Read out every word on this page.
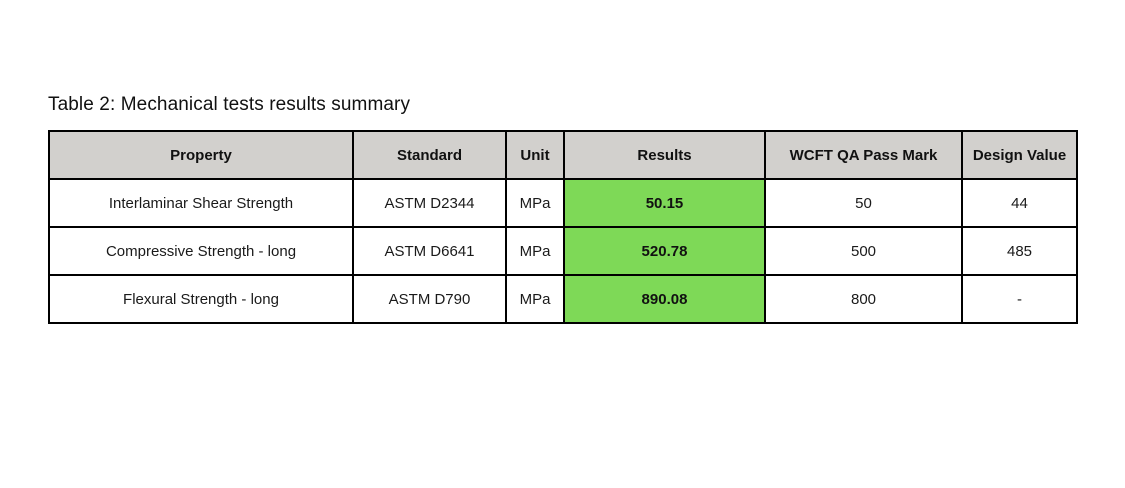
Table 2: Mechanical tests results summary
Property	Standard	Unit	Results	WCFT QA Pass Mark	Design Value
Interlaminar Shear Strength	ASTM D2344	MPa	50.15	50	44
Compressive Strength - long	ASTM D6641	MPa	520.78	500	485
Flexural Strength - long	ASTM D790	MPa	890.08	800	-
